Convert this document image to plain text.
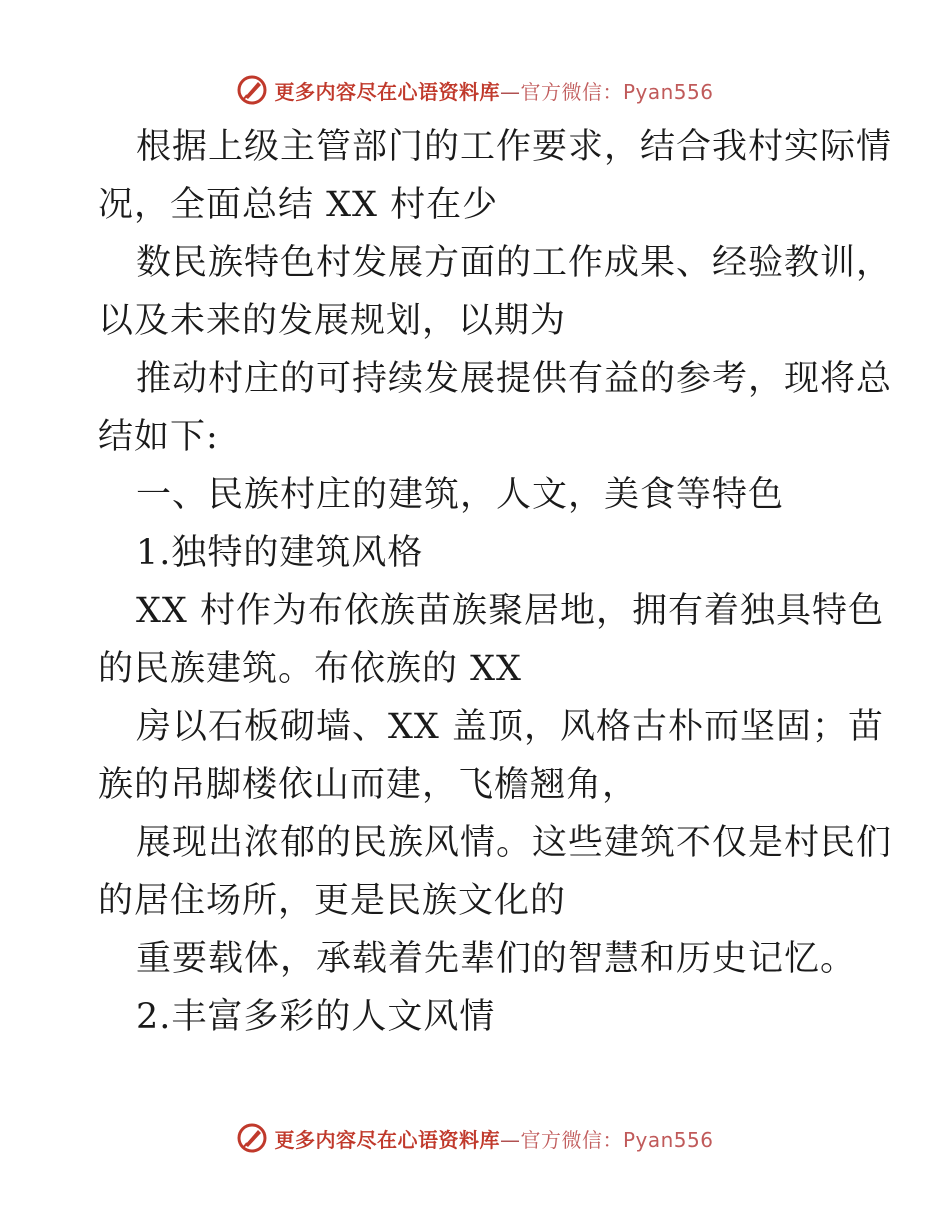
更多内容尽在心语资料库—官方微信：Pyan556
根据上级主管部门的工作要求，结合我村实际情
况，全面总结 XX 村在少
数民族特色村发展方面的工作成果、经验教训，
以及未来的发展规划，以期为
推动村庄的可持续发展提供有益的参考，现将总
结如下:
一、民族村庄的建筑，人文，美食等特色
1.独特的建筑风格
XX 村作为布依族苗族聚居地，拥有着独具特色
的民族建筑。布依族的 XX
房以石板砌墙、XX 盖顶，风格古朴而坚固；苗
族的吊脚楼依山而建，飞檐翘角，
展现出浓郁的民族风情。这些建筑不仅是村民们
的居住场所，更是民族文化的
重要载体，承载着先辈们的智慧和历史记忆。
2.丰富多彩的人文风情
更多内容尽在心语资料库—官方微信：Pyan556
